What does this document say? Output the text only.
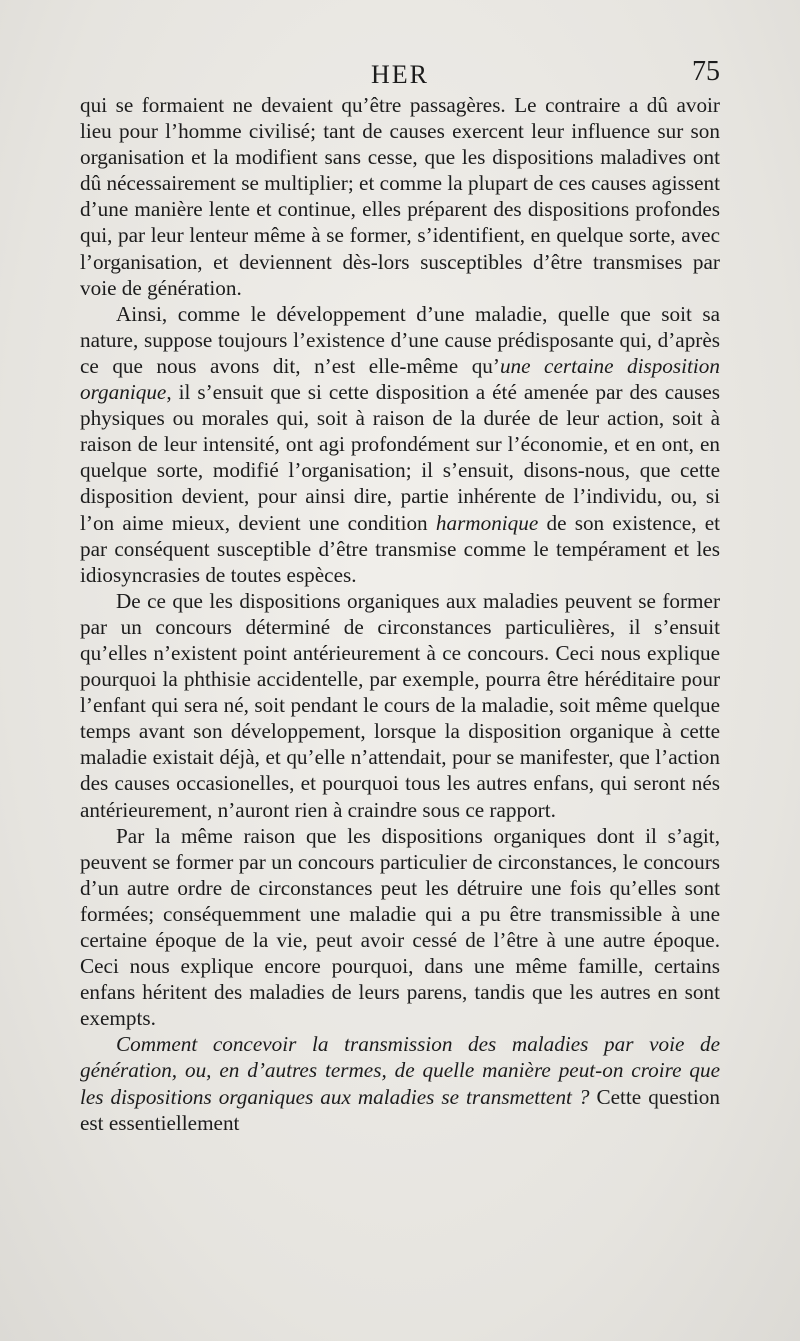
HER	75

qui se formaient ne devaient qu’être passagères. Le contraire a dû avoir lieu pour l’homme civilisé; tant de causes exercent leur influence sur son organisation et la modifient sans cesse, que les dispositions maladives ont dû nécessairement se multiplier; et comme la plupart de ces causes agissent d’une manière lente et continue, elles préparent des dispositions profondes qui, par leur lenteur même à se former, s’identifient, en quelque sorte, avec l’organisation, et deviennent dès-lors susceptibles d’être transmises par voie de génération.

Ainsi, comme le développement d’une maladie, quelle que soit sa nature, suppose toujours l’existence d’une cause prédisposante qui, d’après ce que nous avons dit, n’est elle-même qu’une certaine disposition organique, il s’ensuit que si cette disposition a été amenée par des causes physiques ou morales qui, soit à raison de la durée de leur action, soit à raison de leur intensité, ont agi profondément sur l’économie, et en ont, en quelque sorte, modifié l’organisation; il s’ensuit, disons-nous, que cette disposition devient, pour ainsi dire, partie inhérente de l’individu, ou, si l’on aime mieux, devient une condition harmonique de son existence, et par conséquent susceptible d’être transmise comme le tempérament et les idiosyncrasies de toutes espèces.

De ce que les dispositions organiques aux maladies peuvent se former par un concours déterminé de circonstances particulières, il s’ensuit qu’elles n’existent point antérieurement à ce concours. Ceci nous explique pourquoi la phthisie accidentelle, par exemple, pourra être héréditaire pour l’enfant qui sera né, soit pendant le cours de la maladie, soit même quelque temps avant son développement, lorsque la disposition organique à cette maladie existait déjà, et qu’elle n’attendait, pour se manifester, que l’action des causes occasionelles, et pourquoi tous les autres enfans, qui seront nés antérieurement, n’auront rien à craindre sous ce rapport.

Par la même raison que les dispositions organiques dont il s’agit, peuvent se former par un concours particulier de circonstances, le concours d’un autre ordre de circonstances peut les détruire une fois qu’elles sont formées; conséquemment une maladie qui a pu être transmissible à une certaine époque de la vie, peut avoir cessé de l’être à une autre époque. Ceci nous explique encore pourquoi, dans une même famille, certains enfans héritent des maladies de leurs parens, tandis que les autres en sont exempts.

Comment concevoir la transmission des maladies par voie de génération, ou, en d’autres termes, de quelle manière peut-on croire que les dispositions organiques aux maladies se transmettent ? Cette question est essentiellement
